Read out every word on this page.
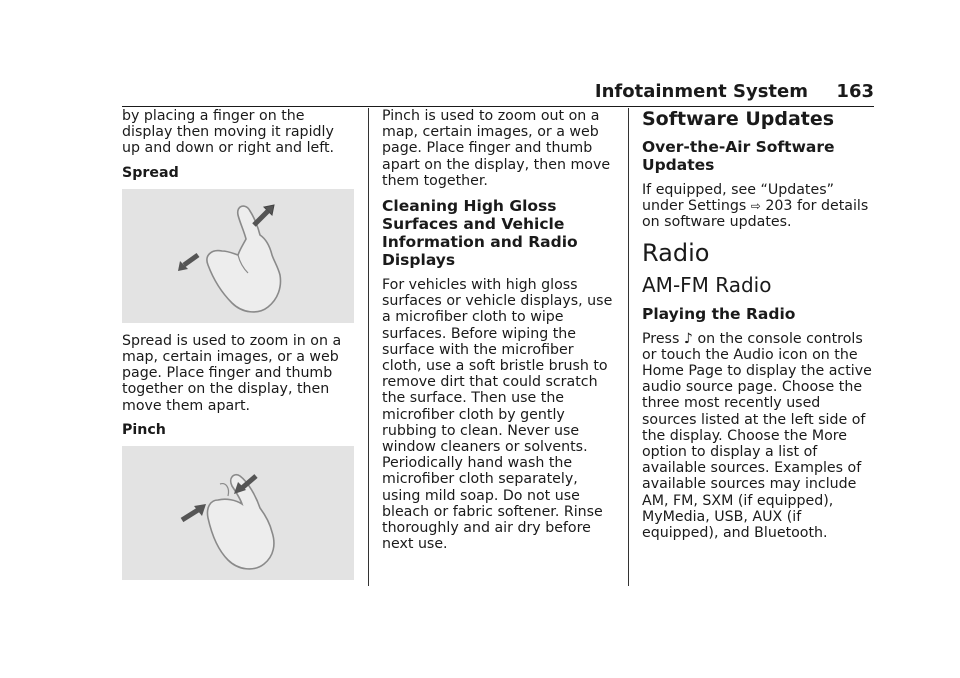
Infotainment System 163

by placing a finger on the display then moving it rapidly up and down or right and left.

Spread

Spread is used to zoom in on a map, certain images, or a web page. Place finger and thumb together on the display, then move them apart.

Pinch

Pinch is used to zoom out on a map, certain images, or a web page. Place finger and thumb apart on the display, then move them together.

Cleaning High Gloss Surfaces and Vehicle Information and Radio Displays

For vehicles with high gloss surfaces or vehicle displays, use a microfiber cloth to wipe surfaces. Before wiping the surface with the microfiber cloth, use a soft bristle brush to remove dirt that could scratch the surface. Then use the microfiber cloth by gently rubbing to clean. Never use window cleaners or solvents. Periodically hand wash the microfiber cloth separately, using mild soap. Do not use bleach or fabric softener. Rinse thoroughly and air dry before next use.

Software Updates
Over-the-Air Software Updates

If equipped, see “Updates” under Settings ⇨ 203 for details on software updates.

Radio
AM-FM Radio
Playing the Radio

Press ♪ on the console controls or touch the Audio icon on the Home Page to display the active audio source page. Choose the three most recently used sources listed at the left side of the display. Choose the More option to display a list of available sources. Examples of available sources may include AM, FM, SXM (if equipped), MyMedia, USB, AUX (if equipped), and Bluetooth.
